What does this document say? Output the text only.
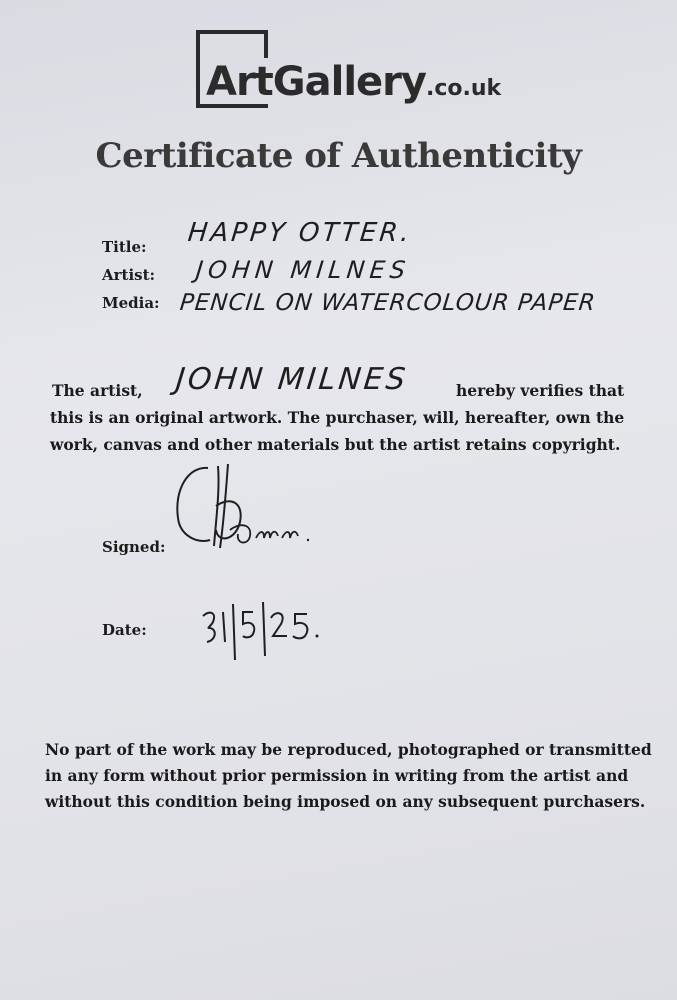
ArtGallery.co.uk
Certificate of Authenticity
Title: HAPPY OTTER.
Artist: JOHN MILNES
Media: PENCIL ON WATERCOLOUR PAPER
The artist, JOHN MILNES	hereby verifies that
this is an original artwork. The purchaser, will, hereafter, own the
work, canvas and other materials but the artist retains copyright.
Signed:
Date:
31/5/25.
No part of the work may be reproduced, photographed or transmitted
in any form without prior permission in writing from the artist and
without this condition being imposed on any subsequent purchasers.
